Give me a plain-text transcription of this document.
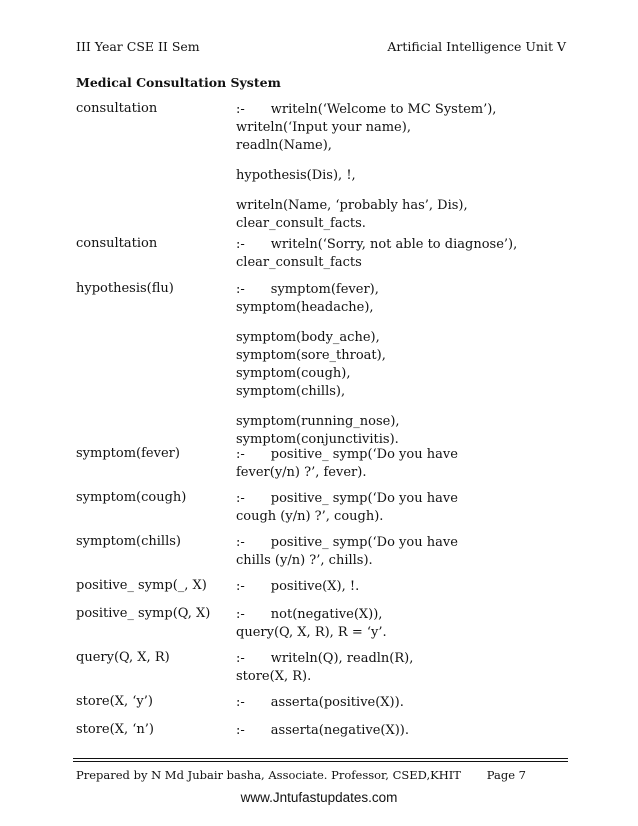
III Year CSE II Sem	Artificial Intelligence Unit V
Medical Consultation System
consultation	:- writeln(‘Welcome to MC System’),
writeln(‘Input your name),
readln(Name),
hypothesis(Dis), !,
writeln(Name, ‘probably has’, Dis),
clear_consult_facts.
consultation	:- writeln(‘Sorry, not able to diagnose’),
clear_consult_facts
hypothesis(flu)	:- symptom(fever),
symptom(headache),
symptom(body_ache),
symptom(sore_throat),
symptom(cough),
symptom(chills),
symptom(running_nose),
symptom(conjunctivitis).
symptom(fever)	:- positive_ symp(‘Do you have
fever(y/n) ?’, fever).
symptom(cough)	:- positive_ symp(‘Do you have
cough (y/n) ?’, cough).
symptom(chills)	:- positive_ symp(‘Do you have
chills (y/n) ?’, chills).
positive_ symp(_, X) :- positive(X), !.
positive_ symp(Q, X) :- not(negative(X)),
query(Q, X, R), R = ‘y’.
query(Q, X, R)	:- writeln(Q), readln(R),
store(X, R).
store(X, ‘y’)	:- asserta(positive(X)).
store(X, ‘n’)	:- asserta(negative(X)).
Prepared by N Md Jubair basha, Associate. Professor, CSED,KHIT Page 7
www.Jntufastupdates.com
